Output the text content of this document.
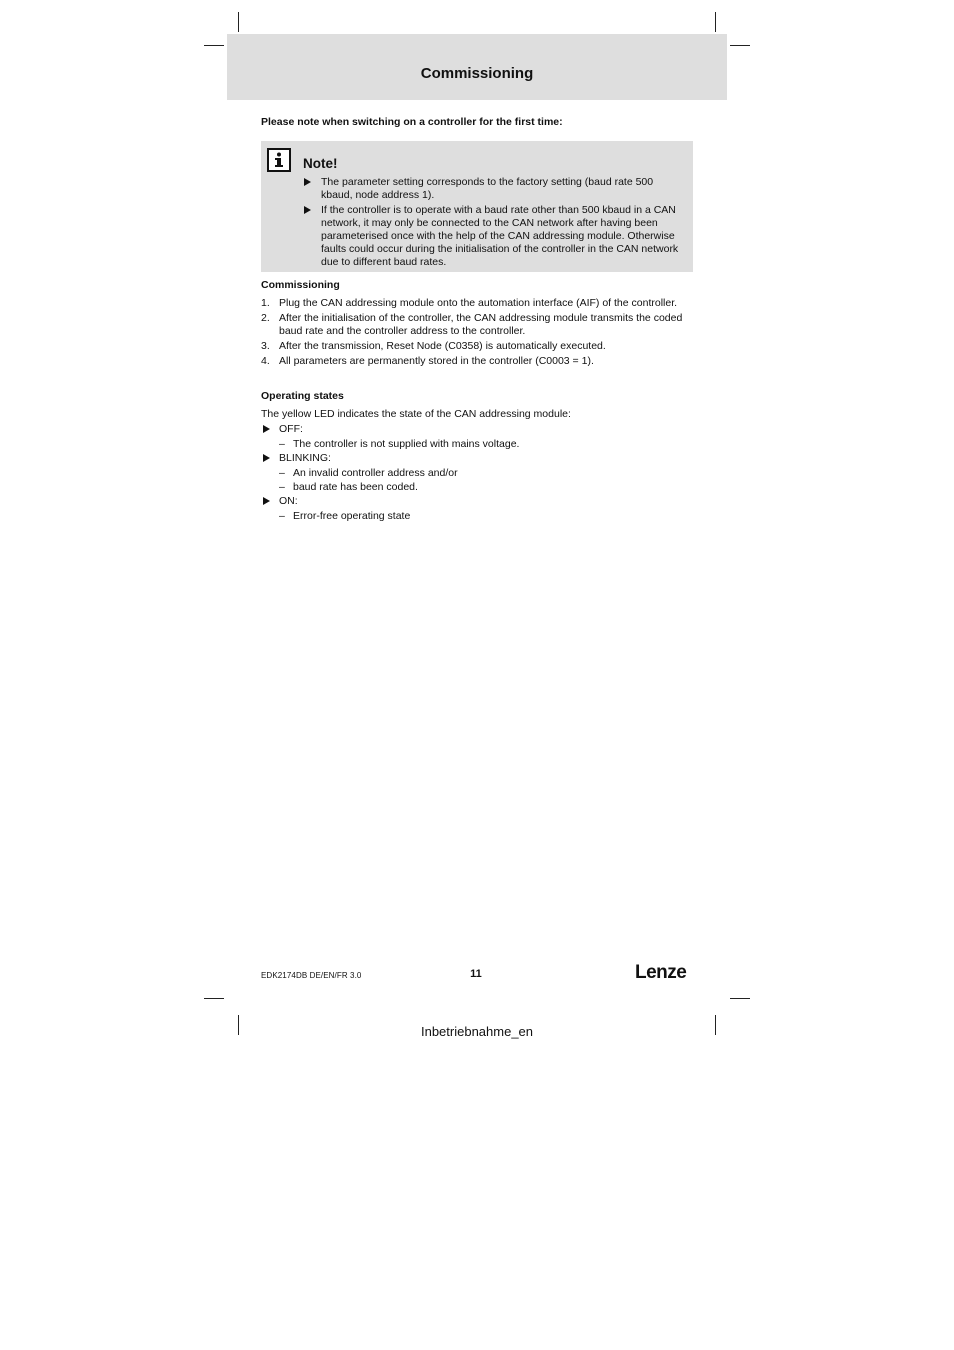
Commissioning
Please note when switching on a controller for the first time:
Note!
The parameter setting corresponds to the factory setting (baud rate 500 kbaud, node address 1).
If the controller is to operate with a baud rate other than 500 kbaud in a CAN network, it may only be connected to the CAN network after having been parameterised once with the help of the CAN addressing module. Otherwise faults could occur during the initialisation of the controller in the CAN network due to different baud rates.
Commissioning
1. Plug the CAN addressing module onto the automation interface (AIF) of the controller.
2. After the initialisation of the controller, the CAN addressing module transmits the coded baud rate and the controller address to the controller.
3. After the transmission, Reset Node (C0358) is automatically executed.
4. All parameters are permanently stored in the controller (C0003 = 1).
Operating states
The yellow LED indicates the state of the CAN addressing module:
OFF:
– The controller is not supplied with mains voltage.
BLINKING:
– An invalid controller address and/or
– baud rate has been coded.
ON:
– Error-free operating state
EDK2174DB DE/EN/FR 3.0	11	Lenze
Inbetriebnahme_en
